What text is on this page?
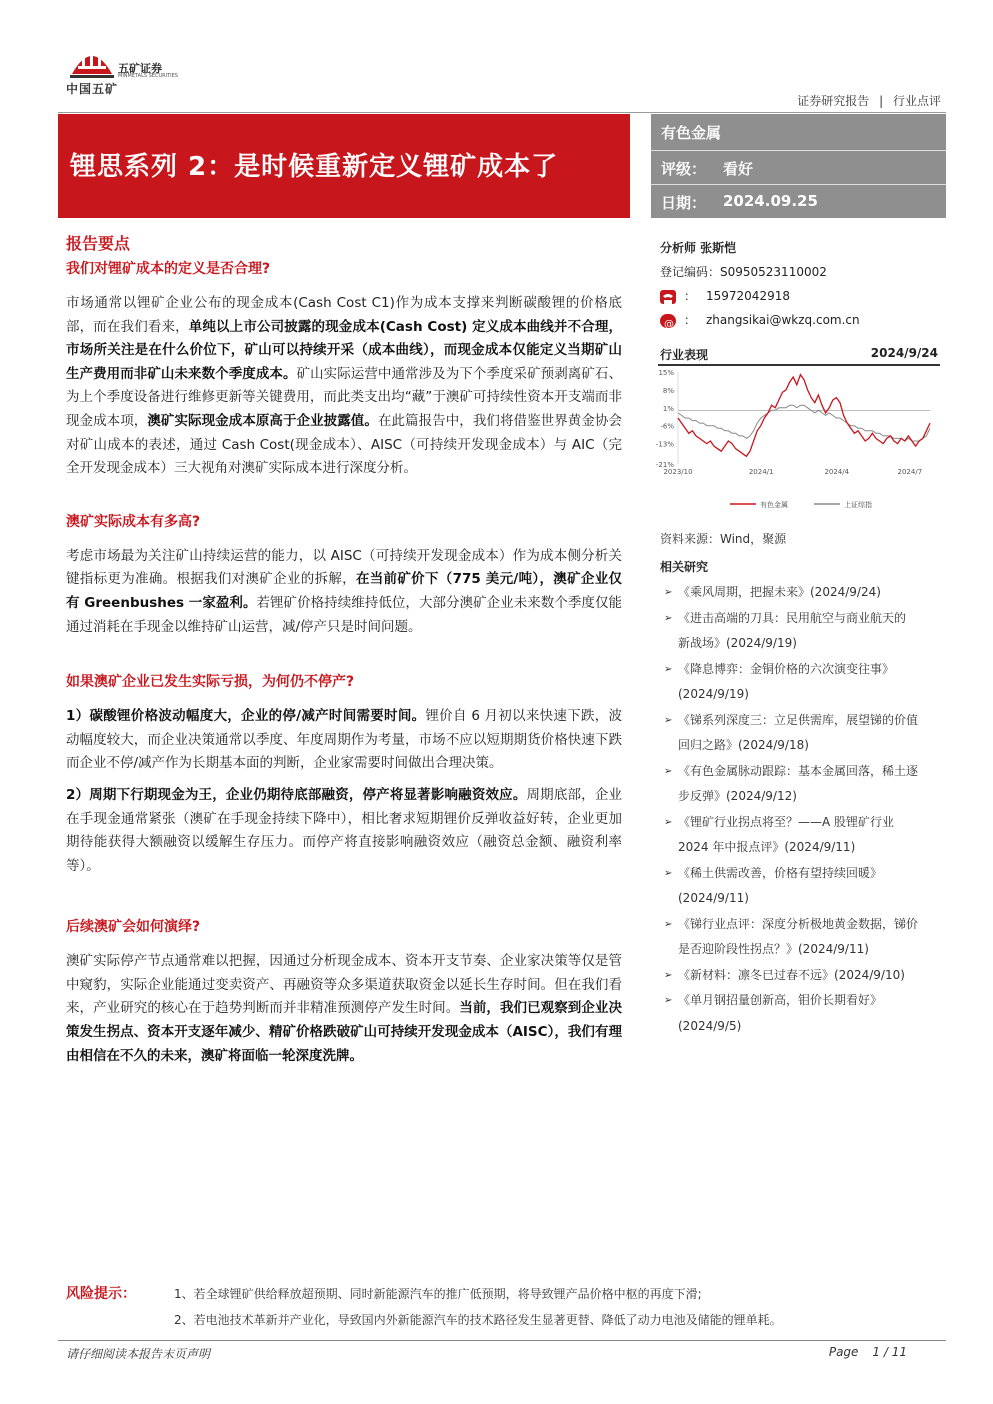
中国五矿
五矿证券
MINMETALS SECURITIES
证券研究报告 | 行业点评
锂思系列 2：是时候重新定义锂矿成本了
有色金属
评级： 看好
日期： 2024.09.25
报告要点
我们对锂矿成本的定义是否合理?

市场通常以锂矿企业公布的现金成本(Cash Cost C1)作为成本支撑来判断碳酸锂的价格底部，而在我们看来，单纯以上市公司披露的现金成本(Cash Cost) 定义成本曲线并不合理，市场所关注是在什么价位下，矿山可以持续开采（成本曲线），而现金成本仅能定义当期矿山生产费用而非矿山未来数个季度成本。矿山实际运营中通常涉及为下个季度采矿预剥离矿石、为上个季度设备进行维修更新等关键费用，而此类支出均“藏”于澳矿可持续性资本开支端而非现金成本项，澳矿实际现金成本原高于企业披露值。在此篇报告中，我们将借鉴世界黄金协会对矿山成本的表述，通过 Cash Cost(现金成本）、AISC（可持续开发现金成本）与 AIC（完全开发现金成本）三大视角对澳矿实际成本进行深度分析。

澳矿实际成本有多高?

考虑市场最为关注矿山持续运营的能力，以 AISC（可持续开发现金成本）作为成本侧分析关键指标更为准确。根据我们对澳矿企业的拆解，在当前矿价下（775 美元/吨），澳矿企业仅有 Greenbushes 一家盈利。若锂矿价格持续维持低位，大部分澳矿企业未来数个季度仅能通过消耗在手现金以维持矿山运营，减/停产只是时间问题。

如果澳矿企业已发生实际亏损，为何仍不停产?

1）碳酸锂价格波动幅度大，企业的停/减产时间需要时间。锂价自 6 月初以来快速下跌，波动幅度较大，而企业决策通常以季度、年度周期作为考量，市场不应以短期期货价格快速下跌而企业不停/减产作为长期基本面的判断，企业家需要时间做出合理决策。

2）周期下行期现金为王，企业仍期待底部融资，停产将显著影响融资效应。周期底部，企业在手现金通常紧张（澳矿在手现金持续下降中），相比奢求短期锂价反弹收益好转，企业更加期待能获得大额融资以缓解生存压力。而停产将直接影响融资效应（融资总金额、融资利率等）。

后续澳矿会如何演绎?

澳矿实际停产节点通常难以把握，因通过分析现金成本、资本开支节奏、企业家决策等仅是管中窥豹，实际企业能通过变卖资产、再融资等众多渠道获取资金以延长生存时间。但在我们看来，产业研究的核心在于趋势判断而并非精准预测停产发生时间。当前，我们已观察到企业决策发生拐点、资本开支逐年减少、精矿价格跌破矿山可持续开发现金成本（AISC），我们有理由相信在不久的未来，澳矿将面临一轮深度洗牌。

风险提示：	1、若全球锂矿供给释放超预期、同时新能源汽车的推广低预期，将导致锂产品价格中枢的再度下滑;
2、若电池技术革新并产业化，导致国内外新能源汽车的技术路径发生显著更替、降低了动力电池及储能的锂单耗。
分析师 张斯恺
登记编码：S0950523110002
： 15972042918
@ ： zhangsikai@wkzq.com.cn
行业表现	2024/9/24
15%
8%
1%
-6%
-13%
-21%
2023/10	2024/1	2024/4	2024/7
有色金属	上证综指
资料来源：Wind，聚源
相关研究
➢ 《乘风周期，把握未来》(2024/9/24)
➢ 《进击高端的刀具：民用航空与商业航天的
新战场》(2024/9/19)
➢ 《降息博弈：金铜价格的六次演变往事》
(2024/9/19)
➢ 《锑系列深度三：立足供需库，展望锑的价值
回归之路》(2024/9/18)
➢ 《有色金属脉动跟踪：基本金属回落，稀土逐
步反弹》(2024/9/12)
➢ 《锂矿行业拐点将至？——A 股锂矿行业
2024 年中报点评》(2024/9/11)
➢ 《稀土供需改善，价格有望持续回暖》
(2024/9/11)
➢ 《锑行业点评：深度分析极地黄金数据，锑价
是否迎阶段性拐点？》(2024/9/11)
➢ 《新材料：凛冬已过春不远》(2024/9/10)
➢ 《单月钢招量创新高，钼价长期看好》
(2024/9/5)
请仔细阅读本报告末页声明	Page 1 / 11
